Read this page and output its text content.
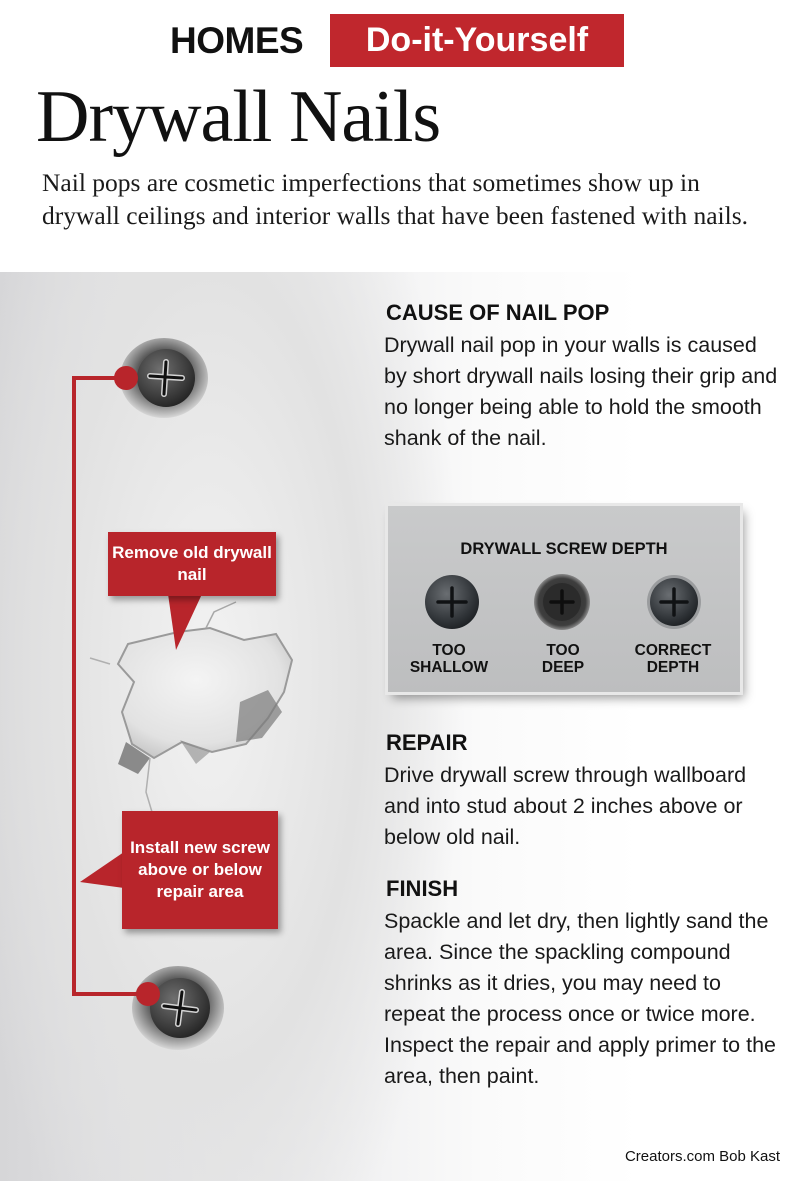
HOMES	Do-it-Yourself
Drywall Nails

Nail pops are cosmetic imperfections that sometimes show up in drywall ceilings and interior walls that have been fastened with nails.

Remove old drywall nail
Install new screw above or below repair area
CAUSE OF NAIL POP
Drywall nail pop in your walls is caused by short drywall nails losing their grip and no longer being able to hold the smooth shank of the nail.
DRYWALL SCREW DEPTH
TOO
SHALLOW
TOO
DEEP
CORRECT
DEPTH
REPAIR
Drive drywall screw through wallboard and into stud about 2 inches above or below old nail.
FINISH
Spackle and let dry, then lightly sand the area. Since the spackling compound shrinks as it dries, you may need to repeat the process once or twice more. Inspect the repair and apply primer to the area, then paint.
Creators.com Bob Kast
